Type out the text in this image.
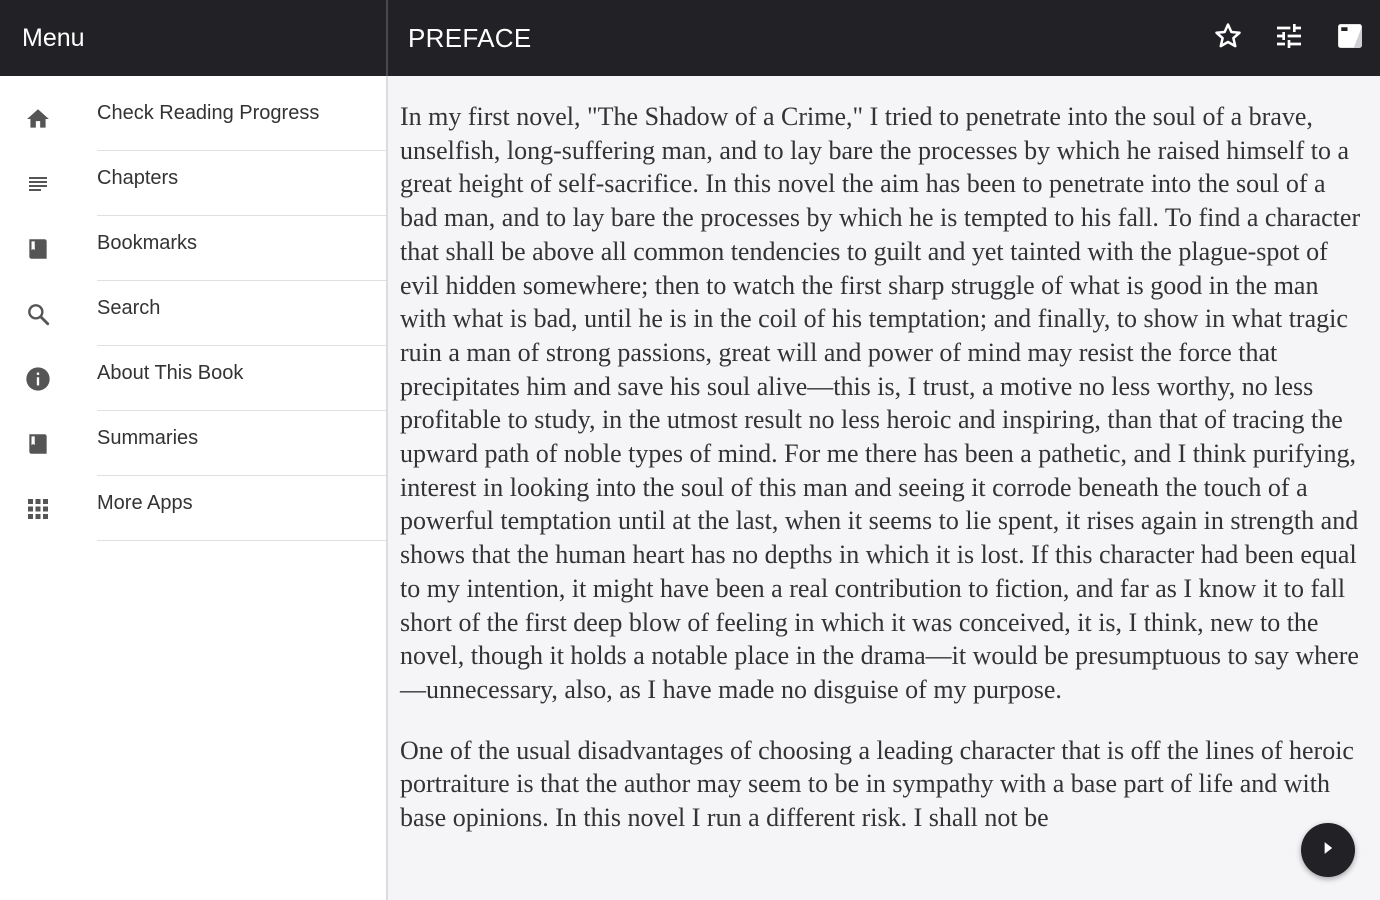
Menu
Check Reading Progress
Chapters
Bookmarks
Search
About This Book
Summaries
More Apps
PREFACE

In my first novel, "The Shadow of a Crime," I tried to penetrate into the soul of a brave, unselfish, long-suffering man, and to lay bare the processes by which he raised himself to a great height of self-sacrifice. In this novel the aim has been to penetrate into the soul of a bad man, and to lay bare the processes by which he is tempted to his fall. To find a character that shall be above all common tendencies to guilt and yet tainted with the plague-spot of evil hidden somewhere; then to watch the first sharp struggle of what is good in the man with what is bad, until he is in the coil of his temptation; and finally, to show in what tragic ruin a man of strong passions, great will and power of mind may resist the force that precipitates him and save his soul alive—this is, I trust, a motive no less worthy, no less profitable to study, in the utmost result no less heroic and inspiring, than that of tracing the upward path of noble types of mind. For me there has been a pathetic, and I think purifying, interest in looking into the soul of this man and seeing it corrode beneath the touch of a powerful temptation until at the last, when it seems to lie spent, it rises again in strength and shows that the human heart has no depths in which it is lost. If this character had been equal to my intention, it might have been a real contribution to fiction, and far as I know it to fall short of the first deep blow of feeling in which it was conceived, it is, I think, new to the novel, though it holds a notable place in the drama—it would be presumptuous to say where—unnecessary, also, as I have made no disguise of my purpose.

One of the usual disadvantages of choosing a leading character that is off the lines of heroic portraiture is that the author may seem to be in sympathy with a base part of life and with base opinions. In this novel I run a different risk. I shall not be
